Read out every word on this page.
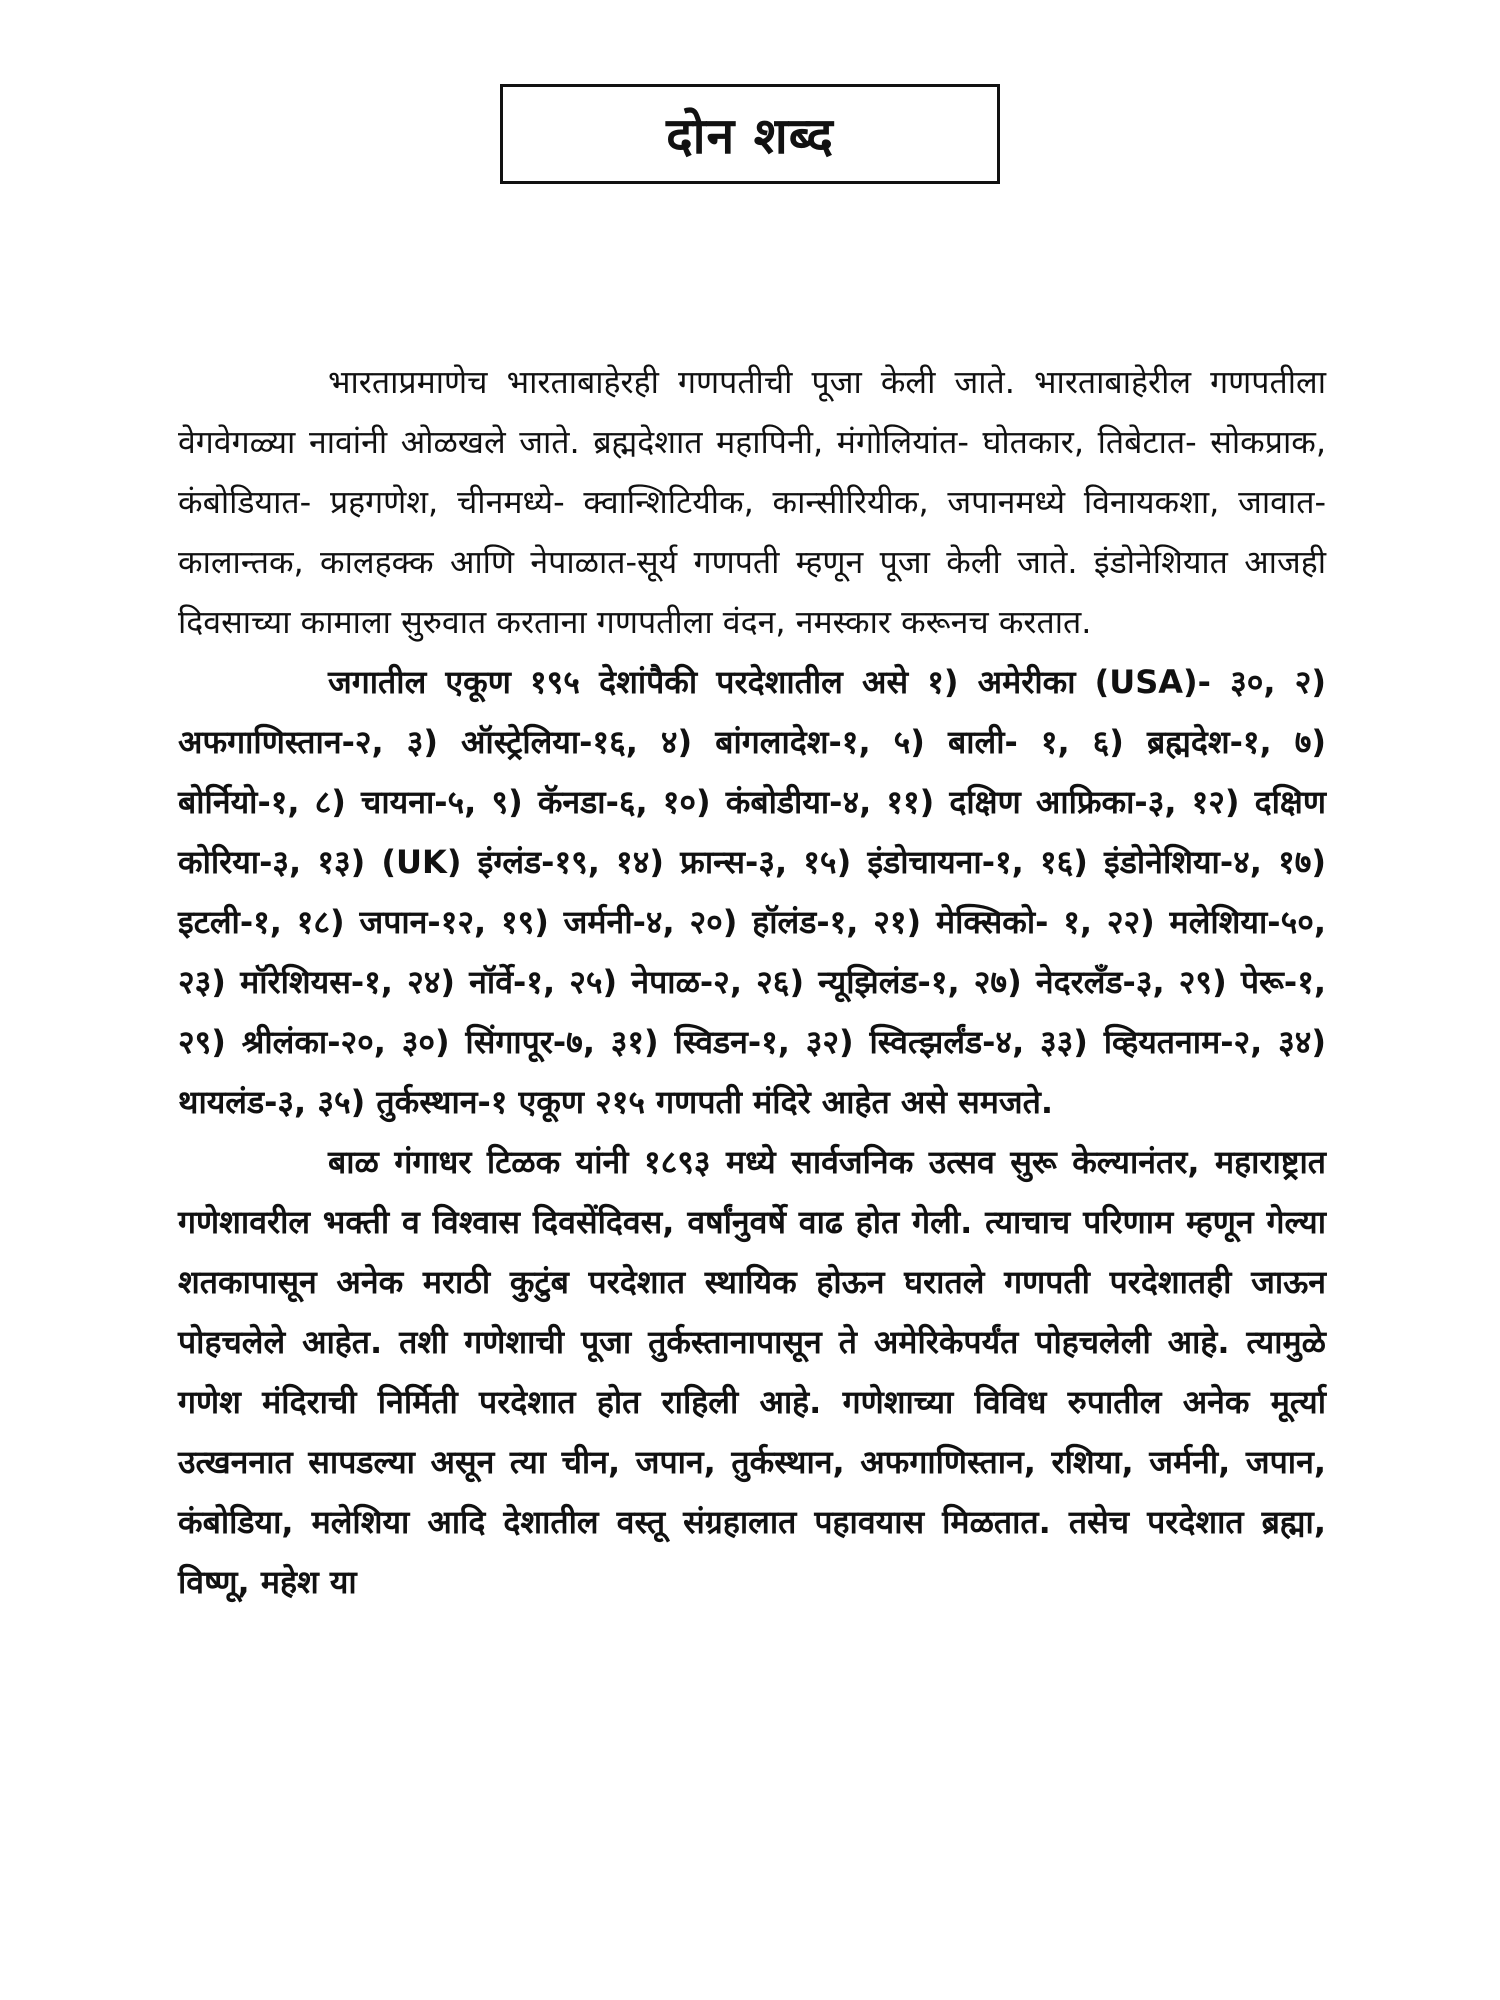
दोन शब्द

भारताप्रमाणेच भारताबाहेरही गणपतीची पूजा केली जाते. भारताबाहेरील गणपतीला वेगवेगळ्या नावांनी ओळखले जाते. ब्रह्मदेशात महापिनी, मंगोलियांत- घोतकार, तिबेटात- सोकप्राक, कंबोडियात- प्रहगणेश, चीनमध्ये- क्वान्शिटियीक, कान्सीरियीक, जपानमध्ये विनायकशा, जावात- कालान्तक, कालहक्क आणि नेपाळात-सूर्य गणपती म्हणून पूजा केली जाते. इंडोनेशियात आजही दिवसाच्या कामाला सुरुवात करताना गणपतीला वंदन, नमस्कार करूनच करतात.

जगातील एकूण १९५ देशांपैकी परदेशातील असे १) अमेरीका (USA)- ३०, २) अफगाणिस्तान-२, ३) ऑस्ट्रेलिया-१६, ४) बांगलादेश-१, ५) बाली- १, ६) ब्रह्मदेश-१, ७) बोर्नियो-१, ८) चायना-५, ९) कॅनडा-६, १०) कंबोडीया-४, ११) दक्षिण आफ्रिका-३, १२) दक्षिण कोरिया-३, १३) (UK) इंग्लंड-१९, १४) फ्रान्स-३, १५) इंडोचायना-१, १६) इंडोनेशिया-४, १७) इटली-१, १८) जपान-१२, १९) जर्मनी-४, २०) हॉलंड-१, २१) मेक्सिको- १, २२) मलेशिया-५०, २३) मॉरेशियस-१, २४) नॉर्वे-१, २५) नेपाळ-२, २६) न्यूझिलंड-१, २७) नेदरलँड-३, २९) पेरू-१, २९) श्रीलंका-२०, ३०) सिंगापूर-७, ३१) स्विडन-१, ३२) स्वित्झर्लंड-४, ३३) व्हियतनाम-२, ३४) थायलंड-३, ३५) तुर्कस्थान-१ एकूण २१५ गणपती मंदिरे आहेत असे समजते.

बाळ गंगाधर टिळक यांनी १८९३ मध्ये सार्वजनिक उत्सव सुरू केल्यानंतर, महाराष्ट्रात गणेशावरील भक्ती व विश्वास दिवसेंदिवस, वर्षांनुवर्षे वाढ होत गेली. त्याचाच परिणाम म्हणून गेल्या शतकापासून अनेक मराठी कुटुंब परदेशात स्थायिक होऊन घरातले गणपती परदेशातही जाऊन पोहचलेले आहेत. तशी गणेशाची पूजा तुर्कस्तानापासून ते अमेरिकेपर्यंत पोहचलेली आहे. त्यामुळे गणेश मंदिराची निर्मिती परदेशात होत राहिली आहे. गणेशाच्या विविध रुपातील अनेक मूर्त्या उत्खननात सापडल्या असून त्या चीन, जपान, तुर्कस्थान, अफगाणिस्तान, रशिया, जर्मनी, जपान, कंबोडिया, मलेशिया आदि देशातील वस्तू संग्रहालात पहावयास मिळतात. तसेच परदेशात ब्रह्मा, विष्णू, महेश या
